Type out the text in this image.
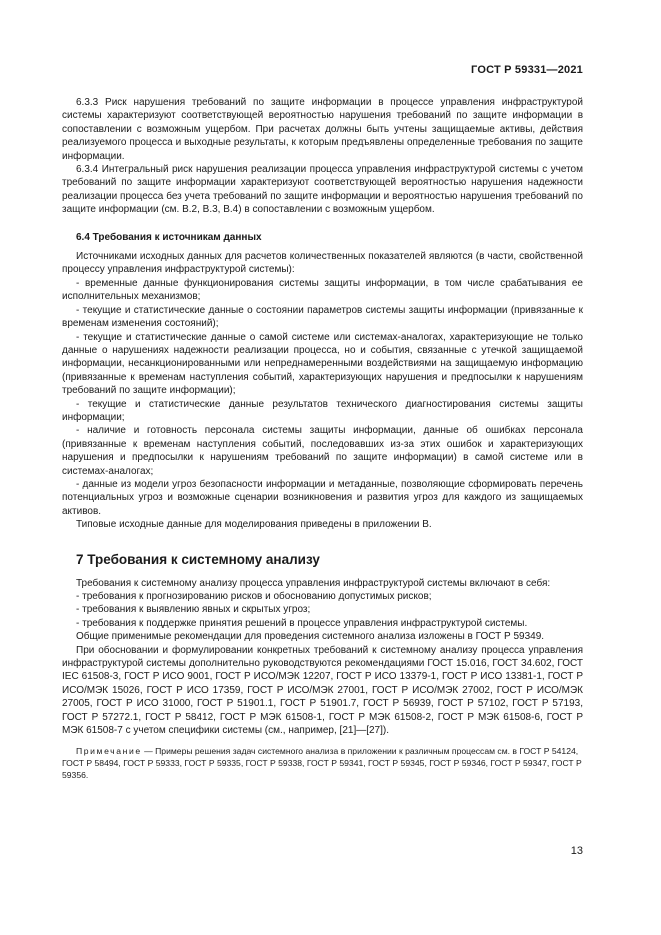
ГОСТ Р 59331—2021

6.3.3 Риск нарушения требований по защите информации в процессе управления инфраструктурой системы характеризуют соответствующей вероятностью нарушения требований по защите информации в сопоставлении с возможным ущербом. При расчетах должны быть учтены защищаемые активы, действия реализуемого процесса и выходные результаты, к которым предъявлены определенные требования по защите информации.

6.3.4 Интегральный риск нарушения реализации процесса управления инфраструктурой системы с учетом требований по защите информации характеризуют соответствующей вероятностью нарушения надежности реализации процесса без учета требований по защите информации и вероятностью нарушения требований по защите информации (см. В.2, В.3, В.4) в сопоставлении с возможным ущербом.

6.4 Требования к источникам данных

Источниками исходных данных для расчетов количественных показателей являются (в части, свойственной процессу управления инфраструктурой системы):

- временные данные функционирования системы защиты информации, в том числе срабатывания ее исполнительных механизмов;

- текущие и статистические данные о состоянии параметров системы защиты информации (привязанные к временам изменения состояний);

- текущие и статистические данные о самой системе или системах-аналогах, характеризующие не только данные о нарушениях надежности реализации процесса, но и события, связанные с утечкой защищаемой информации, несанкционированными или непреднамеренными воздействиями на защищаемую информацию (привязанные к временам наступления событий, характеризующих нарушения и предпосылки к нарушениям требований по защите информации);

- текущие и статистические данные результатов технического диагностирования системы защиты информации;

- наличие и готовность персонала системы защиты информации, данные об ошибках персонала (привязанные к временам наступления событий, последовавших из-за этих ошибок и характеризующих нарушения и предпосылки к нарушениям требований по защите информации) в самой системе или в системах-аналогах;

- данные из модели угроз безопасности информации и метаданные, позволяющие сформировать перечень потенциальных угроз и возможные сценарии возникновения и развития угроз для каждого из защищаемых активов.

Типовые исходные данные для моделирования приведены в приложении В.

7 Требования к системному анализу

Требования к системному анализу процесса управления инфраструктурой системы включают в себя:

- требования к прогнозированию рисков и обоснованию допустимых рисков;

- требования к выявлению явных и скрытых угроз;

- требования к поддержке принятия решений в процессе управления инфраструктурой системы.

Общие применимые рекомендации для проведения системного анализа изложены в ГОСТ Р 59349.

При обосновании и формулировании конкретных требований к системному анализу процесса управления инфраструктурой системы дополнительно руководствуются рекомендациями ГОСТ 15.016, ГОСТ 34.602, ГОСТ IEC 61508-3, ГОСТ Р ИСО 9001, ГОСТ Р ИСО/МЭК 12207, ГОСТ Р ИСО 13379-1, ГОСТ Р ИСО 13381-1, ГОСТ Р ИСО/МЭК 15026, ГОСТ Р ИСО 17359, ГОСТ Р ИСО/МЭК 27001, ГОСТ Р ИСО/МЭК 27002, ГОСТ Р ИСО/МЭК 27005, ГОСТ Р ИСО 31000, ГОСТ Р 51901.1, ГОСТ Р 51901.7, ГОСТ Р 56939, ГОСТ Р 57102, ГОСТ Р 57193, ГОСТ Р 57272.1, ГОСТ Р 58412, ГОСТ Р МЭК 61508-1, ГОСТ Р МЭК 61508-2, ГОСТ Р МЭК 61508-6, ГОСТ Р МЭК 61508-7 с учетом специфики системы (см., например, [21]—[27]).

Примечание — Примеры решения задач системного анализа в приложении к различным процессам см. в ГОСТ Р 54124, ГОСТ Р 58494, ГОСТ Р 59333, ГОСТ Р 59335, ГОСТ Р 59338, ГОСТ Р 59341, ГОСТ Р 59345, ГОСТ Р 59346, ГОСТ Р 59347, ГОСТ Р 59356.

13
